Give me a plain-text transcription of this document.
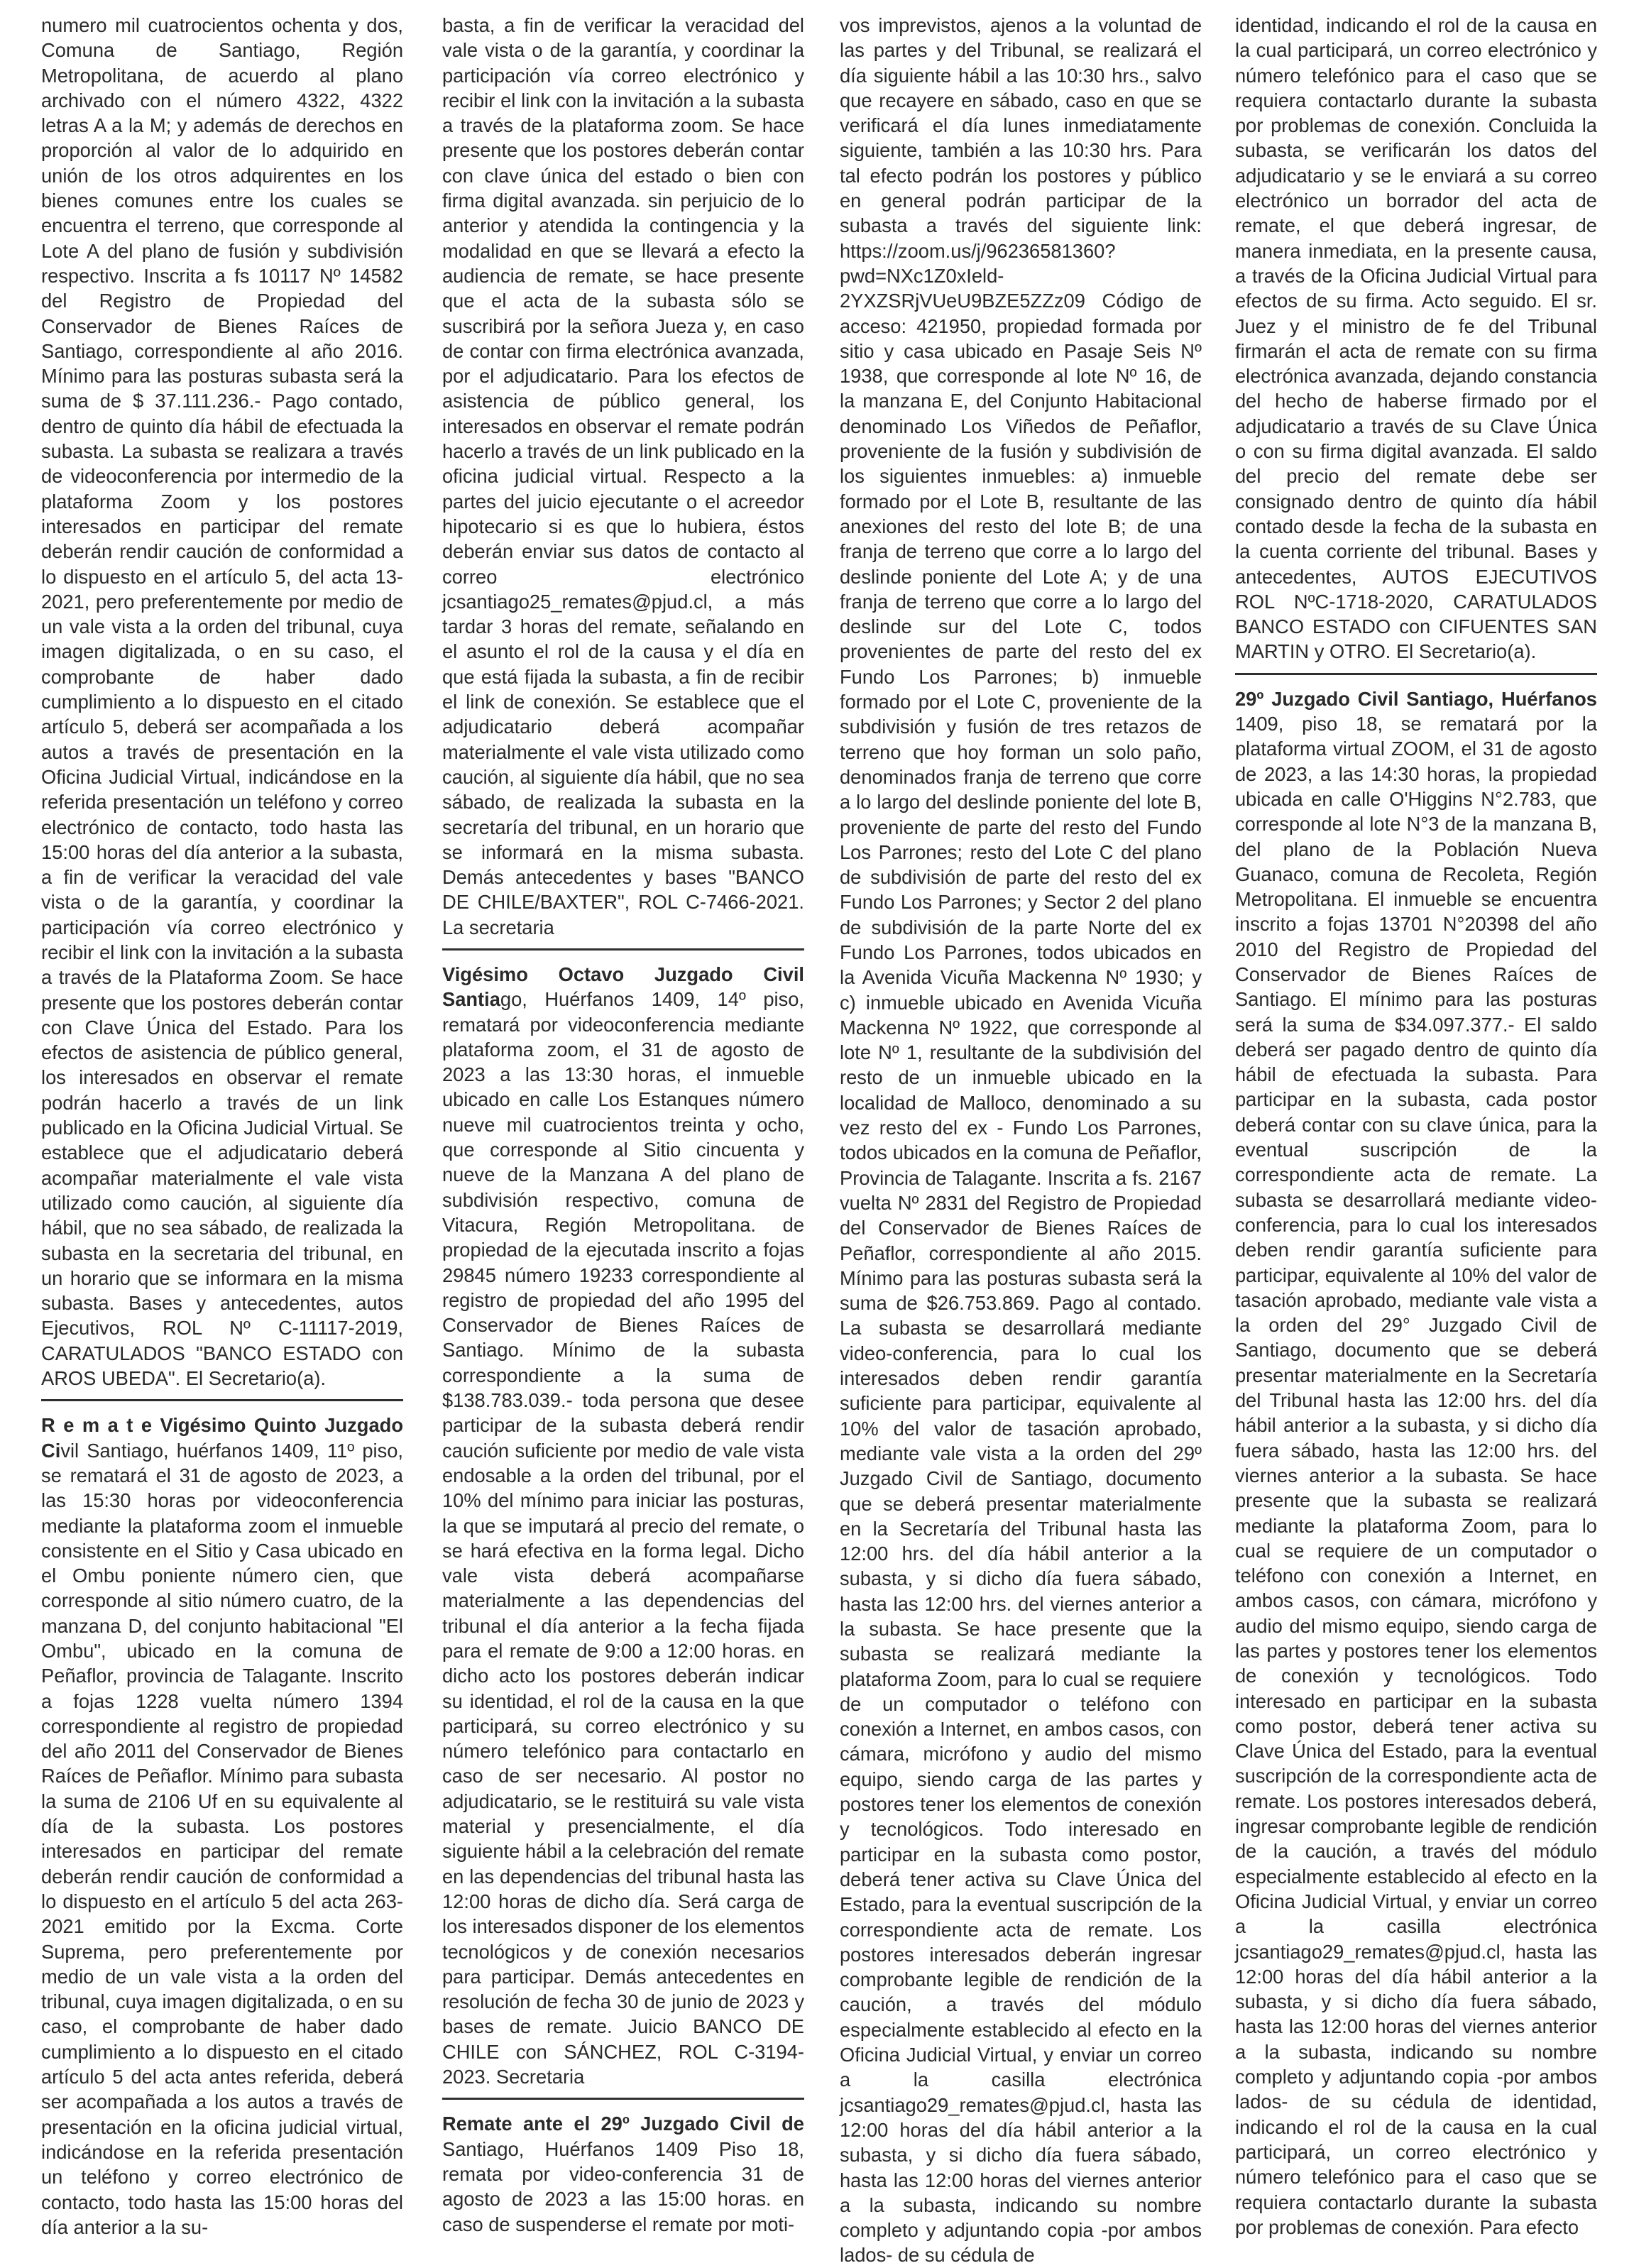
numero mil cuatrocientos ochenta y dos, Comuna de Santiago, Región Metropolitana, de acuerdo al plano archivado con el número 4322, 4322 letras A a la M; y además de derechos en proporción al valor de lo adquirido en unión de los otros adquirentes en los bienes comunes entre los cuales se encuentra el terreno, que corresponde al Lote A del plano de fusión y subdivisión respectivo. Inscrita a fs 10117 Nº 14582 del Registro de Propiedad del Conservador de Bienes Raíces de Santiago, correspondiente al año 2016. Mínimo para las posturas subasta será la suma de $ 37.111.236.- Pago contado, dentro de quinto día hábil de efectuada la subasta. La subasta se realizara a través de videoconferencia por intermedio de la plataforma Zoom y los postores interesados en participar del remate deberán rendir caución de conformidad a lo dispuesto en el artículo 5, del acta 13-2021, pero preferentemente por medio de un vale vista a la orden del tribunal, cuya imagen digitalizada, o en su caso, el comprobante de haber dado cumplimiento a lo dispuesto en el citado artículo 5, deberá ser acompañada a los autos a través de presentación en la Oficina Judicial Virtual, indicándose en la referida presentación un teléfono y correo electrónico de contacto, todo hasta las 15:00 horas del día anterior a la subasta, a fin de verificar la veracidad del vale vista o de la garantía, y coordinar la participación vía correo electrónico y recibir el link con la invitación a la subasta a través de la Plataforma Zoom. Se hace presente que los postores deberán contar con Clave Única del Estado. Para los efectos de asistencia de público general, los interesados en observar el remate podrán hacerlo a través de un link publicado en la Oficina Judicial Virtual. Se establece que el adjudicatario deberá acompañar materialmente el vale vista utilizado como caución, al siguiente día hábil, que no sea sábado, de realizada la subasta en la secretaria del tribunal, en un horario que se informara en la misma subasta. Bases y antecedentes, autos Ejecutivos, ROL Nº C-11117-2019, CARATULADOS "BANCO ESTADO con AROS UBEDA". El Secretario(a).

R e m a t e Vigésimo Quinto Juzgado Civil Santiago, huérfanos 1409, 11º piso, se rematará el 31 de agosto de 2023, a las 15:30 horas por videoconferencia mediante la plataforma zoom el inmueble consistente en el Sitio y Casa ubicado en el Ombu poniente número cien, que corresponde al sitio número cuatro, de la manzana D, del conjunto habitacional "El Ombu", ubicado en la comuna de Peñaflor, provincia de Talagante. Inscrito a fojas 1228 vuelta número 1394 correspondiente al registro de propiedad del año 2011 del Conservador de Bienes Raíces de Peñaflor. Mínimo para subasta la suma de 2106 Uf en su equivalente al día de la subasta. Los postores interesados en participar del remate deberán rendir caución de conformidad a lo dispuesto en el artículo 5 del acta 263-2021 emitido por la Excma. Corte Suprema, pero preferentemente por medio de un vale vista a la orden del tribunal, cuya imagen digitalizada, o en su caso, el comprobante de haber dado cumplimiento a lo dispuesto en el citado artículo 5 del acta antes referida, deberá ser acompañada a los autos a través de presentación en la oficina judicial virtual, indicándose en la referida presentación un teléfono y correo electrónico de contacto, todo hasta las 15:00 horas del día anterior a la su-

basta, a fin de verificar la veracidad del vale vista o de la garantía, y coordinar la participación vía correo electrónico y recibir el link con la invitación a la subasta a través de la plataforma zoom. Se hace presente que los postores deberán contar con clave única del estado o bien con firma digital avanzada. sin perjuicio de lo anterior y atendida la contingencia y la modalidad en que se llevará a efecto la audiencia de remate, se hace presente que el acta de la subasta sólo se suscribirá por la señora Jueza y, en caso de contar con firma electrónica avanzada, por el adjudicatario. Para los efectos de asistencia de público general, los interesados en observar el remate podrán hacerlo a través de un link publicado en la oficina judicial virtual. Respecto a la partes del juicio ejecutante o el acreedor hipotecario si es que lo hubiera, éstos deberán enviar sus datos de contacto al correo electrónico jcsantiago25_remates@pjud.cl, a más tardar 3 horas del remate, señalando en el asunto el rol de la causa y el día en que está fijada la subasta, a fin de recibir el link de conexión. Se establece que el adjudicatario deberá acompañar materialmente el vale vista utilizado como caución, al siguiente día hábil, que no sea sábado, de realizada la subasta en la secretaría del tribunal, en un horario que se informará en la misma subasta. Demás antecedentes y bases "BANCO DE CHILE/BAXTER", ROL C-7466-2021. La secretaria

Vigésimo Octavo Juzgado Civil Santiago, Huérfanos 1409, 14º piso, rematará por videoconferencia mediante plataforma zoom, el 31 de agosto de 2023 a las 13:30 horas, el inmueble ubicado en calle Los Estanques número nueve mil cuatrocientos treinta y ocho, que corresponde al Sitio cincuenta y nueve de la Manzana A del plano de subdivisión respectivo, comuna de Vitacura, Región Metropolitana. de propiedad de la ejecutada inscrito a fojas 29845 número 19233 correspondiente al registro de propiedad del año 1995 del Conservador de Bienes Raíces de Santiago. Mínimo de la subasta correspondiente a la suma de $138.783.039.- toda persona que desee participar de la subasta deberá rendir caución suficiente por medio de vale vista endosable a la orden del tribunal, por el 10% del mínimo para iniciar las posturas, la que se imputará al precio del remate, o se hará efectiva en la forma legal. Dicho vale vista deberá acompañarse materialmente a las dependencias del tribunal el día anterior a la fecha fijada para el remate de 9:00 a 12:00 horas. en dicho acto los postores deberán indicar su identidad, el rol de la causa en la que participará, su correo electrónico y su número telefónico para contactarlo en caso de ser necesario. Al postor no adjudicatario, se le restituirá su vale vista material y presencialmente, el día siguiente hábil a la celebración del remate en las dependencias del tribunal hasta las 12:00 horas de dicho día. Será carga de los interesados disponer de los elementos tecnológicos y de conexión necesarios para participar. Demás antecedentes en resolución de fecha 30 de junio de 2023 y bases de remate. Juicio BANCO DE CHILE con SÁNCHEZ, ROL C-3194-2023. Secretaria

Remate ante el 29º Juzgado Civil de Santiago, Huérfanos 1409 Piso 18, remata por video-conferencia 31 de agosto de 2023 a las 15:00 horas. en caso de suspenderse el remate por moti-

vos imprevistos, ajenos a la voluntad de las partes y del Tribunal, se realizará el día siguiente hábil a las 10:30 hrs., salvo que recayere en sábado, caso en que se verificará el día lunes inmediatamente siguiente, también a las 10:30 hrs. Para tal efecto podrán los postores y público en general podrán participar de la subasta a través del siguiente link: https://zoom.us/j/96236581360?pwd=NXc1Z0xIeld-2YXZSRjVUeU9BZE5ZZz09 Código de acceso: 421950, propiedad formada por sitio y casa ubicado en Pasaje Seis Nº 1938, que corresponde al lote Nº 16, de la manzana E, del Conjunto Habitacional denominado Los Viñedos de Peñaflor, proveniente de la fusión y subdivisión de los siguientes inmuebles: a) inmueble formado por el Lote B, resultante de las anexiones del resto del lote B; de una franja de terreno que corre a lo largo del deslinde poniente del Lote A; y de una franja de terreno que corre a lo largo del deslinde sur del Lote C, todos provenientes de parte del resto del ex Fundo Los Parrones; b) inmueble formado por el Lote C, proveniente de la subdivisión y fusión de tres retazos de terreno que hoy forman un solo paño, denominados franja de terreno que corre a lo largo del deslinde poniente del lote B, proveniente de parte del resto del Fundo Los Parrones; resto del Lote C del plano de subdivisión de parte del resto del ex Fundo Los Parrones; y Sector 2 del plano de subdivisión de la parte Norte del ex Fundo Los Parrones, todos ubicados en la Avenida Vicuña Mackenna Nº 1930; y c) inmueble ubicado en Avenida Vicuña Mackenna Nº 1922, que corresponde al lote Nº 1, resultante de la subdivisión del resto de un inmueble ubicado en la localidad de Malloco, denominado a su vez resto del ex - Fundo Los Parrones, todos ubicados en la comuna de Peñaflor, Provincia de Talagante. Inscrita a fs. 2167 vuelta Nº 2831 del Registro de Propiedad del Conservador de Bienes Raíces de Peñaflor, correspondiente al año 2015. Mínimo para las posturas subasta será la suma de $26.753.869. Pago al contado. La subasta se desarrollará mediante video-conferencia, para lo cual los interesados deben rendir garantía suficiente para participar, equivalente al 10% del valor de tasación aprobado, mediante vale vista a la orden del 29º Juzgado Civil de Santiago, documento que se deberá presentar materialmente en la Secretaría del Tribunal hasta las 12:00 hrs. del día hábil anterior a la subasta, y si dicho día fuera sábado, hasta las 12:00 hrs. del viernes anterior a la subasta. Se hace presente que la subasta se realizará mediante la plataforma Zoom, para lo cual se requiere de un computador o teléfono con conexión a Internet, en ambos casos, con cámara, micrófono y audio del mismo equipo, siendo carga de las partes y postores tener los elementos de conexión y tecnológicos. Todo interesado en participar en la subasta como postor, deberá tener activa su Clave Única del Estado, para la eventual suscripción de la correspondiente acta de remate. Los postores interesados deberán ingresar comprobante legible de rendición de la caución, a través del módulo especialmente establecido al efecto en la Oficina Judicial Virtual, y enviar un correo a la casilla electrónica jcsantiago29_remates@pjud.cl, hasta las 12:00 horas del día hábil anterior a la subasta, y si dicho día fuera sábado, hasta las 12:00 horas del viernes anterior a la subasta, indicando su nombre completo y adjuntando copia -por ambos lados- de su cédula de

identidad, indicando el rol de la causa en la cual participará, un correo electrónico y número telefónico para el caso que se requiera contactarlo durante la subasta por problemas de conexión. Concluida la subasta, se verificarán los datos del adjudicatario y se le enviará a su correo electrónico un borrador del acta de remate, el que deberá ingresar, de manera inmediata, en la presente causa, a través de la Oficina Judicial Virtual para efectos de su firma. Acto seguido. El sr. Juez y el ministro de fe del Tribunal firmarán el acta de remate con su firma electrónica avanzada, dejando constancia del hecho de haberse firmado por el adjudicatario a través de su Clave Única o con su firma digital avanzada. El saldo del precio del remate debe ser consignado dentro de quinto día hábil contado desde la fecha de la subasta en la cuenta corriente del tribunal. Bases y antecedentes, AUTOS EJECUTIVOS ROL NºC-1718-2020, CARATULADOS BANCO ESTADO con CIFUENTES SAN MARTIN y OTRO. El Secretario(a).

29º Juzgado Civil Santiago, Huérfanos 1409, piso 18, se rematará por la plataforma virtual ZOOM, el 31 de agosto de 2023, a las 14:30 horas, la propiedad ubicada en calle O'Higgins N°2.783, que corresponde al lote N°3 de la manzana B, del plano de la Población Nueva Guanaco, comuna de Recoleta, Región Metropolitana. El inmueble se encuentra inscrito a fojas 13701 N°20398 del año 2010 del Registro de Propiedad del Conservador de Bienes Raíces de Santiago. El mínimo para las posturas será la suma de $34.097.377.- El saldo deberá ser pagado dentro de quinto día hábil de efectuada la subasta. Para participar en la subasta, cada postor deberá contar con su clave única, para la eventual suscripción de la correspondiente acta de remate. La subasta se desarrollará mediante video-conferencia, para lo cual los interesados deben rendir garantía suficiente para participar, equivalente al 10% del valor de tasación aprobado, mediante vale vista a la orden del 29° Juzgado Civil de Santiago, documento que se deberá presentar materialmente en la Secretaría del Tribunal hasta las 12:00 hrs. del día hábil anterior a la subasta, y si dicho día fuera sábado, hasta las 12:00 hrs. del viernes anterior a la subasta. Se hace presente que la subasta se realizará mediante la plataforma Zoom, para lo cual se requiere de un computador o teléfono con conexión a Internet, en ambos casos, con cámara, micrófono y audio del mismo equipo, siendo carga de las partes y postores tener los elementos de conexión y tecnológicos. Todo interesado en participar en la subasta como postor, deberá tener activa su Clave Única del Estado, para la eventual suscripción de la correspondiente acta de remate. Los postores interesados deberá, ingresar comprobante legible de rendición de la caución, a través del módulo especialmente establecido al efecto en la Oficina Judicial Virtual, y enviar un correo a la casilla electrónica jcsantiago29_remates@pjud.cl, hasta las 12:00 horas del día hábil anterior a la subasta, y si dicho día fuera sábado, hasta las 12:00 horas del viernes anterior a la subasta, indicando su nombre completo y adjuntando copia -por ambos lados- de su cédula de identidad, indicando el rol de la causa en la cual participará, un correo electrónico y número telefónico para el caso que se requiera contactarlo durante la subasta por problemas de conexión. Para efecto
